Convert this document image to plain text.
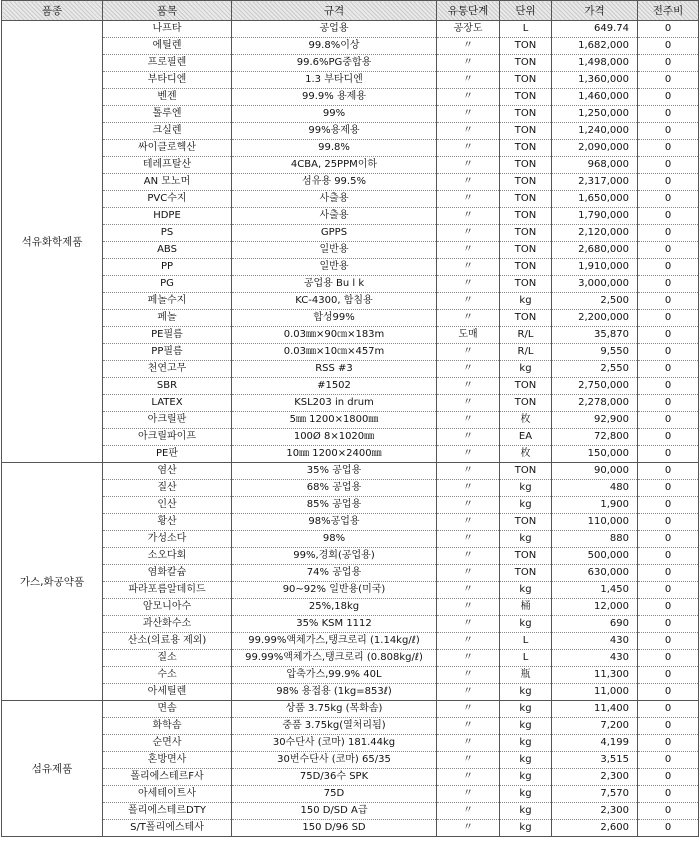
품종	품목	규격	유통단계	단위	가격	전주비
석유화학제품	나프타	공업용	공장도	L	649.74	0
	에틸렌	99.8%이상	〃	TON	1,682,000	0
	프로필렌	99.6%PG중합용	〃	TON	1,498,000	0
	부타디엔	1.3 부타디엔	〃	TON	1,360,000	0
	벤젠	99.9% 용제용	〃	TON	1,460,000	0
	톨루엔	99%	〃	TON	1,250,000	0
	크실렌	99%용제용	〃	TON	1,240,000	0
	싸이클로헥산	99.8%	〃	TON	2,090,000	0
	테레프탈산	4CBA, 25PPM이하	〃	TON	968,000	0
	AN 모노머	섬유용 99.5%	〃	TON	2,317,000	0
	PVC수지	사출용	〃	TON	1,650,000	0
	HDPE	사출용	〃	TON	1,790,000	0
	PS	GPPS	〃	TON	2,120,000	0
	ABS	일반용	〃	TON	2,680,000	0
	PP	일반용	〃	TON	1,910,000	0
	PG	공업용 Bu l k	〃	TON	3,000,000	0
	페놀수지	KC-4300, 함침용	〃	kg	2,500	0
	페놀	합성99%	〃	TON	2,200,000	0
	PE필름	0.03㎜×90㎝×183m	도매	R/L	35,870	0
	PP필름	0.03㎜×10㎝×457m	〃	R/L	9,550	0
	천연고무	RSS #3	〃	kg	2,550	0
	SBR	#1502	〃	TON	2,750,000	0
	LATEX	KSL203 in drum	〃	TON	2,278,000	0
	아크릴판	5㎜ 1200×1800㎜	〃	枚	92,900	0
	아크릴파이프	100Ø 8×1020㎜	〃	EA	72,800	0
	PE판	10㎜ 1200×2400㎜	〃	枚	150,000	0
가스,화공약품	염산	35% 공업용	〃	TON	90,000	0
	질산	68% 공업용	〃	kg	480	0
	인산	85% 공업용	〃	kg	1,900	0
	황산	98%공업용	〃	TON	110,000	0
	가성소다	98%	〃	kg	880	0
	소오다회	99%,경회(공업용)	〃	TON	500,000	0
	염화칼슘	74% 공업용	〃	TON	630,000	0
	파라포름알데히드	90~92% 일반용(미국)	〃	kg	1,450	0
	암모니아수	25%,18kg	〃	桶	12,000	0
	과산화수소	35% KSM 1112	〃	kg	690	0
	산소(의료용 제외)	99.99%액체가스,탱크로리 (1.14kg/ℓ)	〃	L	430	0
	질소	99.99%액체가스,탱크로리 (0.808kg/ℓ)	〃	L	430	0
	수소	압축가스,99.9% 40L	〃	瓶	11,300	0
	아세틸렌	98% 용접용 (1kg=853ℓ)	〃	kg	11,000	0
섬유제품	면솜	상품 3.75kg (목화솜)	〃	kg	11,400	0
	화학솜	중품 3.75kg(열처리됨)	〃	kg	7,200	0
	순면사	30수단사 (코마) 181.44kg	〃	kg	4,199	0
	혼방면사	30번수단사 (코마) 65/35	〃	kg	3,515	0
	폴리에스테르F사	75D/36수 SPK	〃	kg	2,300	0
	아세테이트사	75D	〃	kg	7,570	0
	폴리에스테르DTY	150 D/SD A급	〃	kg	2,300	0
	S/T폴리에스테사	150 D/96 SD	〃	kg	2,600	0
